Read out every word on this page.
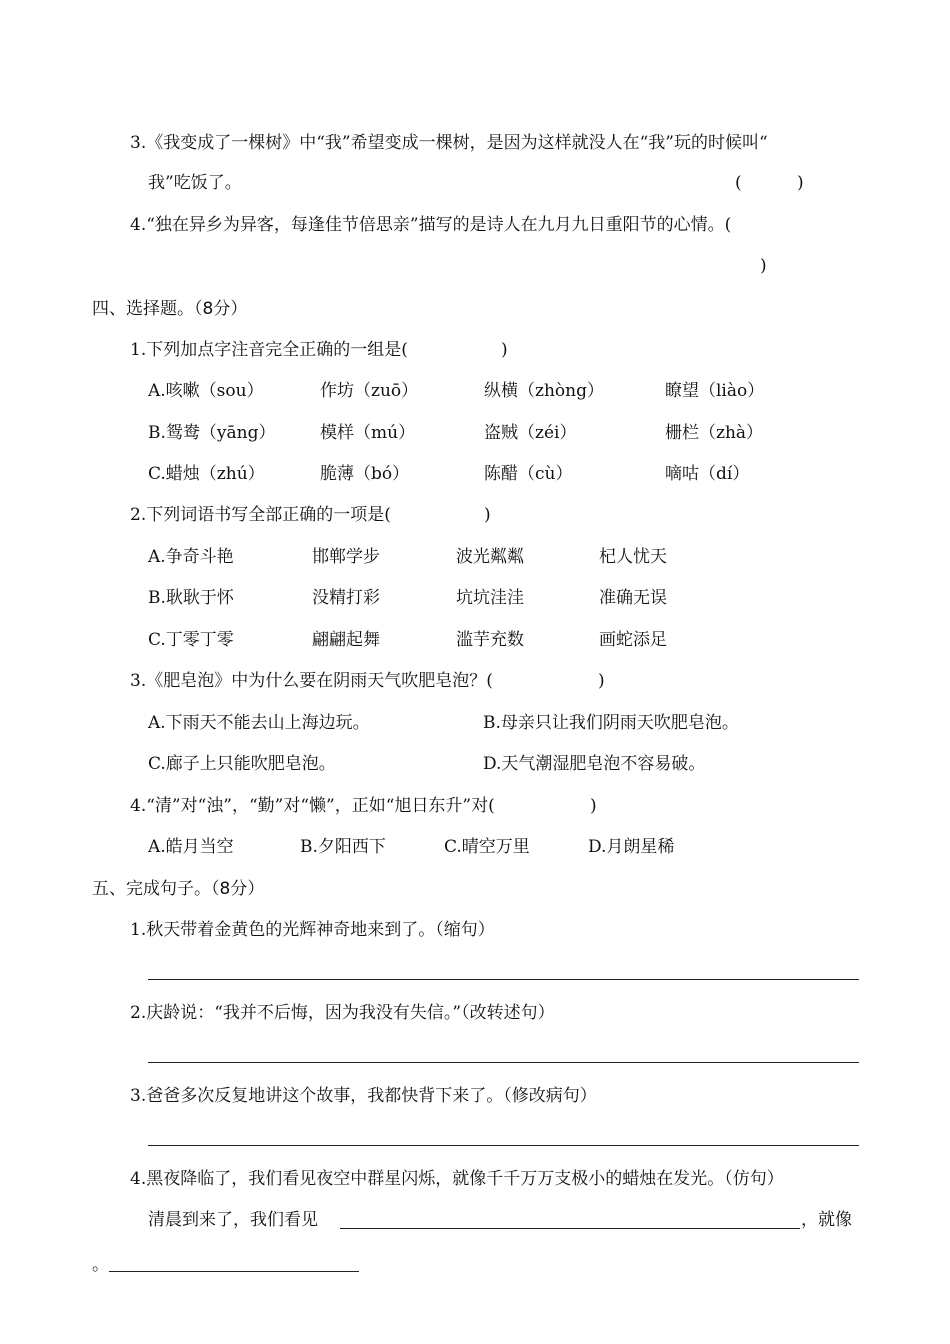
3.《我变成了一棵树》中“我”希望变成一棵树，是因为这样就没人在“我”玩的时候叫“
我”吃饭了。	(	)
4.“独在异乡为异客，每逢佳节倍思亲”描写的是诗人在九月九日重阳节的心情。(
)
四、选择题。（8分）
1.下列加点字注音完全正确的一组是(	)
A.咳嗽（sou）	作坊（zuō）	纵横（zhòng）	瞭望（liào）
B.鸳鸯（yāng）	模样（mú）	盗贼（zéi）	栅栏（zhà）
C.蜡烛（zhú）	脆薄（bó）	陈醋（cù）	嘀咕（dí）
2.下列词语书写全部正确的一项是(	)
A.争奇斗艳	邯郸学步	波光粼粼	杞人忧天
B.耿耿于怀	没精打彩	坑坑洼洼	准确无误
C.丁零丁零	翩翩起舞	滥芋充数	画蛇添足
3.《肥皂泡》中为什么要在阴雨天气吹肥皂泡？(	)
A.下雨天不能去山上海边玩。	B.母亲只让我们阴雨天吹肥皂泡。
C.廊子上只能吹肥皂泡。	D.天气潮湿肥皂泡不容易破。
4.“清”对“浊”，“勤”对“懒”，正如“旭日东升”对(	)
A.皓月当空	B.夕阳西下	C.晴空万里	D.月朗星稀
五、完成句子。（8分）
1.秋天带着金黄色的光辉神奇地来到了。（缩句）
2.庆龄说：“我并不后悔，因为我没有失信。”（改转述句）
3.爸爸多次反复地讲这个故事，我都快背下来了。（修改病句）
4.黑夜降临了，我们看见夜空中群星闪烁，就像千千万万支极小的蜡烛在发光。（仿句）
清晨到来了，我们看见	，就像
。
